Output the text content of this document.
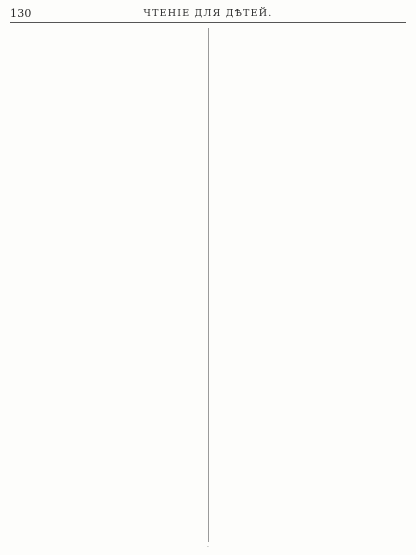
130	ЧТЕНІЕ ДЛЯ ДѢТЕЙ.
·
